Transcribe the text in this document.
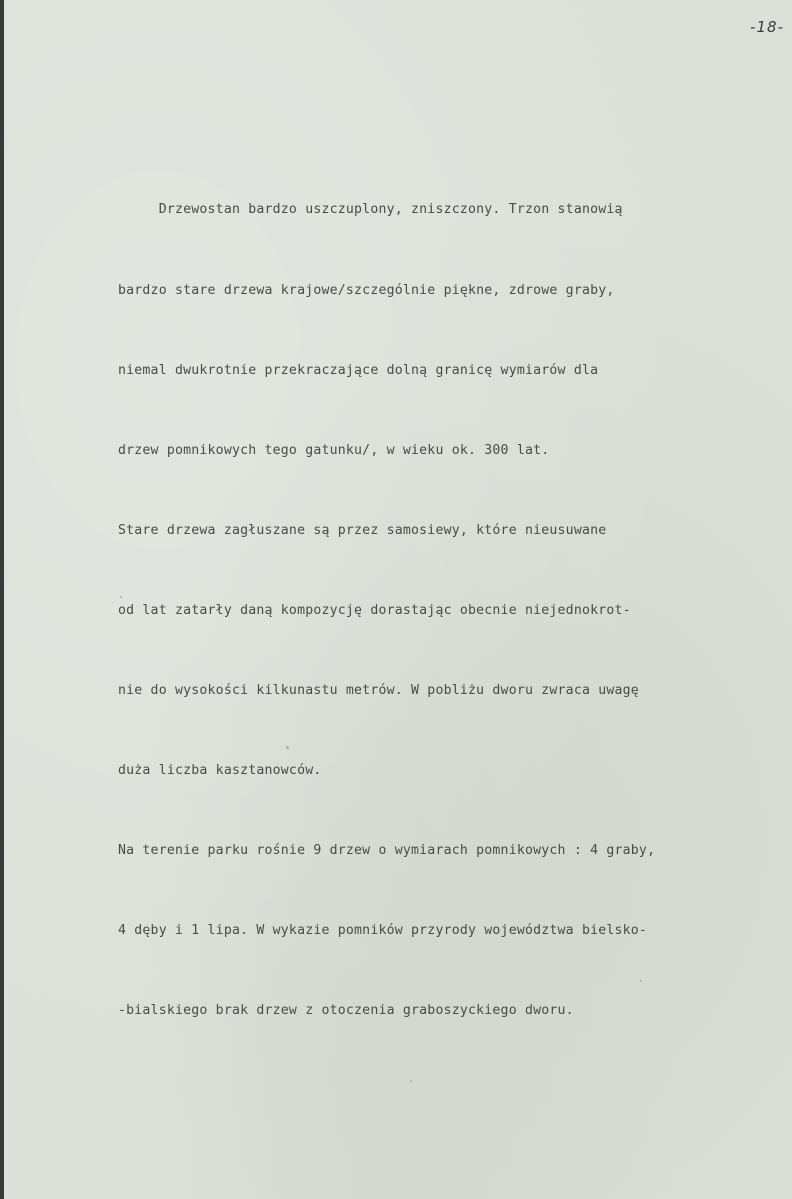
-18-

Drzewostan bardzo uszczuplony, zniszczony. Trzon stanowią

bardzo stare drzewa krajowe/szczególnie piękne, zdrowe graby,

niemal dwukrotnie przekraczające dolną granicę wymiarów dla

drzew pomnikowych tego gatunku/, w wieku ok. 300 lat.

Stare drzewa zagłuszane są przez samosiewy, które nieusuwane

od lat zatarły daną kompozycję dorastając obecnie niejednokrot-

nie do wysokości kilkunastu metrów. W pobliżu dworu zwraca uwagę

duża liczba kasztanowców.

Na terenie parku rośnie 9 drzew o wymiarach pomnikowych : 4 graby,

4 dęby i 1 lipa. W wykazie pomników przyrody województwa bielsko-

-bialskiego brak drzew z otoczenia graboszyckiego dworu.
